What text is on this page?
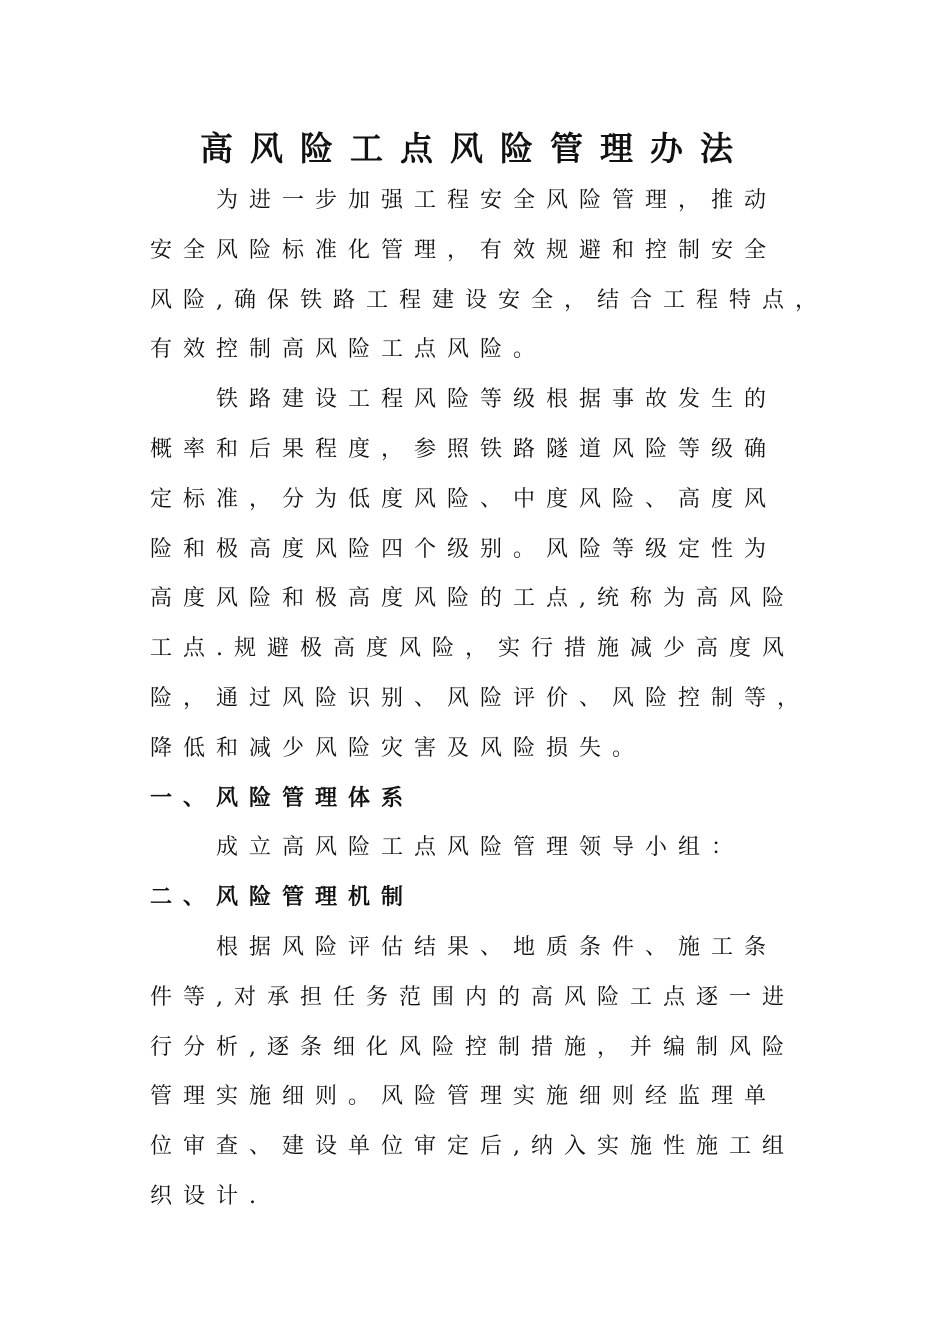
高风险工点风险管理办法
为进一步加强工程安全风险管理，推动
安全风险标准化管理，有效规避和控制安全
风险,确保铁路工程建设安全，结合工程特点，
有效控制高风险工点风险。
铁路建设工程风险等级根据事故发生的
概率和后果程度，参照铁路隧道风险等级确
定标准，分为低度风险、中度风险、高度风
险和极高度风险四个级别。风险等级定性为
高度风险和极高度风险的工点,统称为高风险
工点.规避极高度风险，实行措施减少高度风
险，通过风险识别、风险评价、风险控制等，
降低和减少风险灾害及风险损失。
一、风险管理体系
成立高风险工点风险管理领导小组：
二、风险管理机制
根据风险评估结果、地质条件、施工条
件等,对承担任务范围内的高风险工点逐一进
行分析,逐条细化风险控制措施，并编制风险
管理实施细则。风险管理实施细则经监理单
位审查、建设单位审定后,纳入实施性施工组
织设计.
